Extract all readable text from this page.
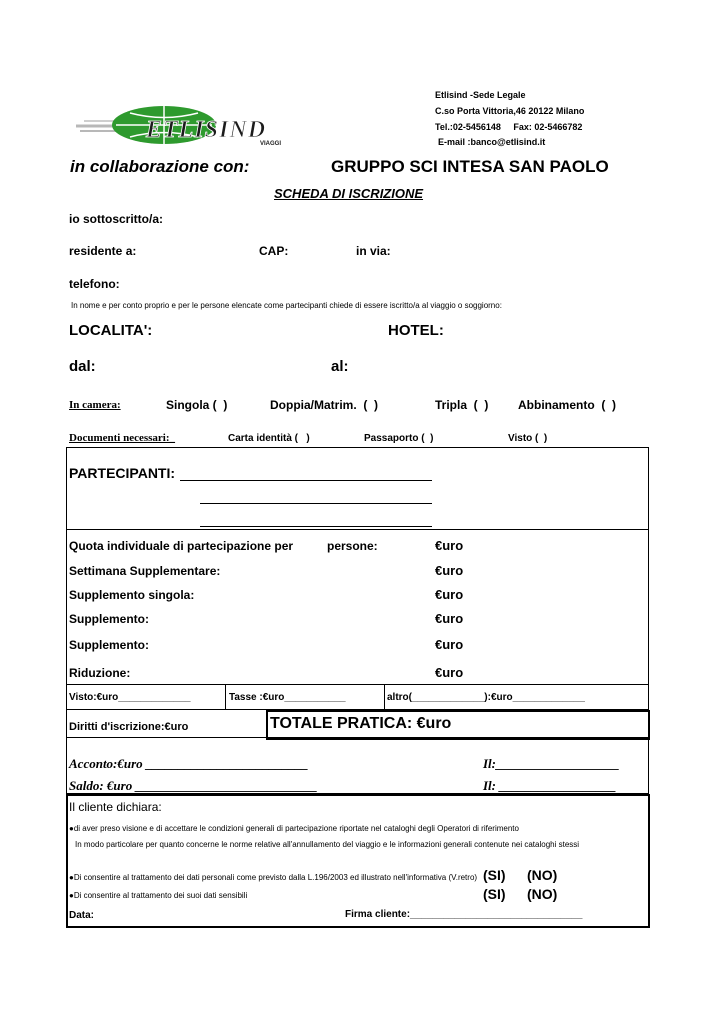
ETLISIND
VIAGGI
Etlisind -Sede Legale
C.so Porta Vittoria,46 20122 Milano
Tel.:02-5456148     Fax: 02-5466782
E-mail :banco@etlisind.it
in collaborazione con:	GRUPPO SCI INTESA SAN PAOLO
SCHEDA DI ISCRIZIONE
io sottoscritto/a:
residente a:	CAP:	in via:
telefono:
In nome e per conto proprio e per le persone elencate come partecipanti chiede di essere iscritto/a al viaggio o soggiorno:
LOCALITA':	HOTEL:
dal:	al:
In camera:	Singola (  )	Doppia/Matrim.  (  )	Tripla  (  ) Abbinamento  (  )
Documenti necessari:_	Carta identità (   )	Passaporto (  )	Visto (  )
PARTECIPANTI:
Quota individuale di partecipazione per	persone:	€uro
Settimana Supplementare:	€uro
Supplemento singola:	€uro
Supplemento:	€uro
Supplemento:	€uro
Riduzione:	€uro
Visto:€uro_____________	Tasse :€uro___________	altro(_____________):€uro_____________
Diritti d'iscrizione:€uro	TOTALE PRATICA: €uro
Acconto:€uro _________________________	Il:___________________
Saldo: €uro ____________________________	Il: __________________
Il cliente dichiara:
●di aver preso visione e di accettare le condizioni generali di partecipazione riportate nel cataloghi degli Operatori di riferimento
In modo particolare per quanto concerne le norme relative all'annullamento del viaggio e le informazioni generali contenute nei cataloghi stessi
●Di consentire al trattamento dei dati personali come previsto dalla L.196/2003 ed illustrato nell'informativa (V.retro) (SI) (NO)
●Di consentire al trattamento dei suoi dati sensibili	(SI) (NO)
Data:	Firma cliente:_______________________________
